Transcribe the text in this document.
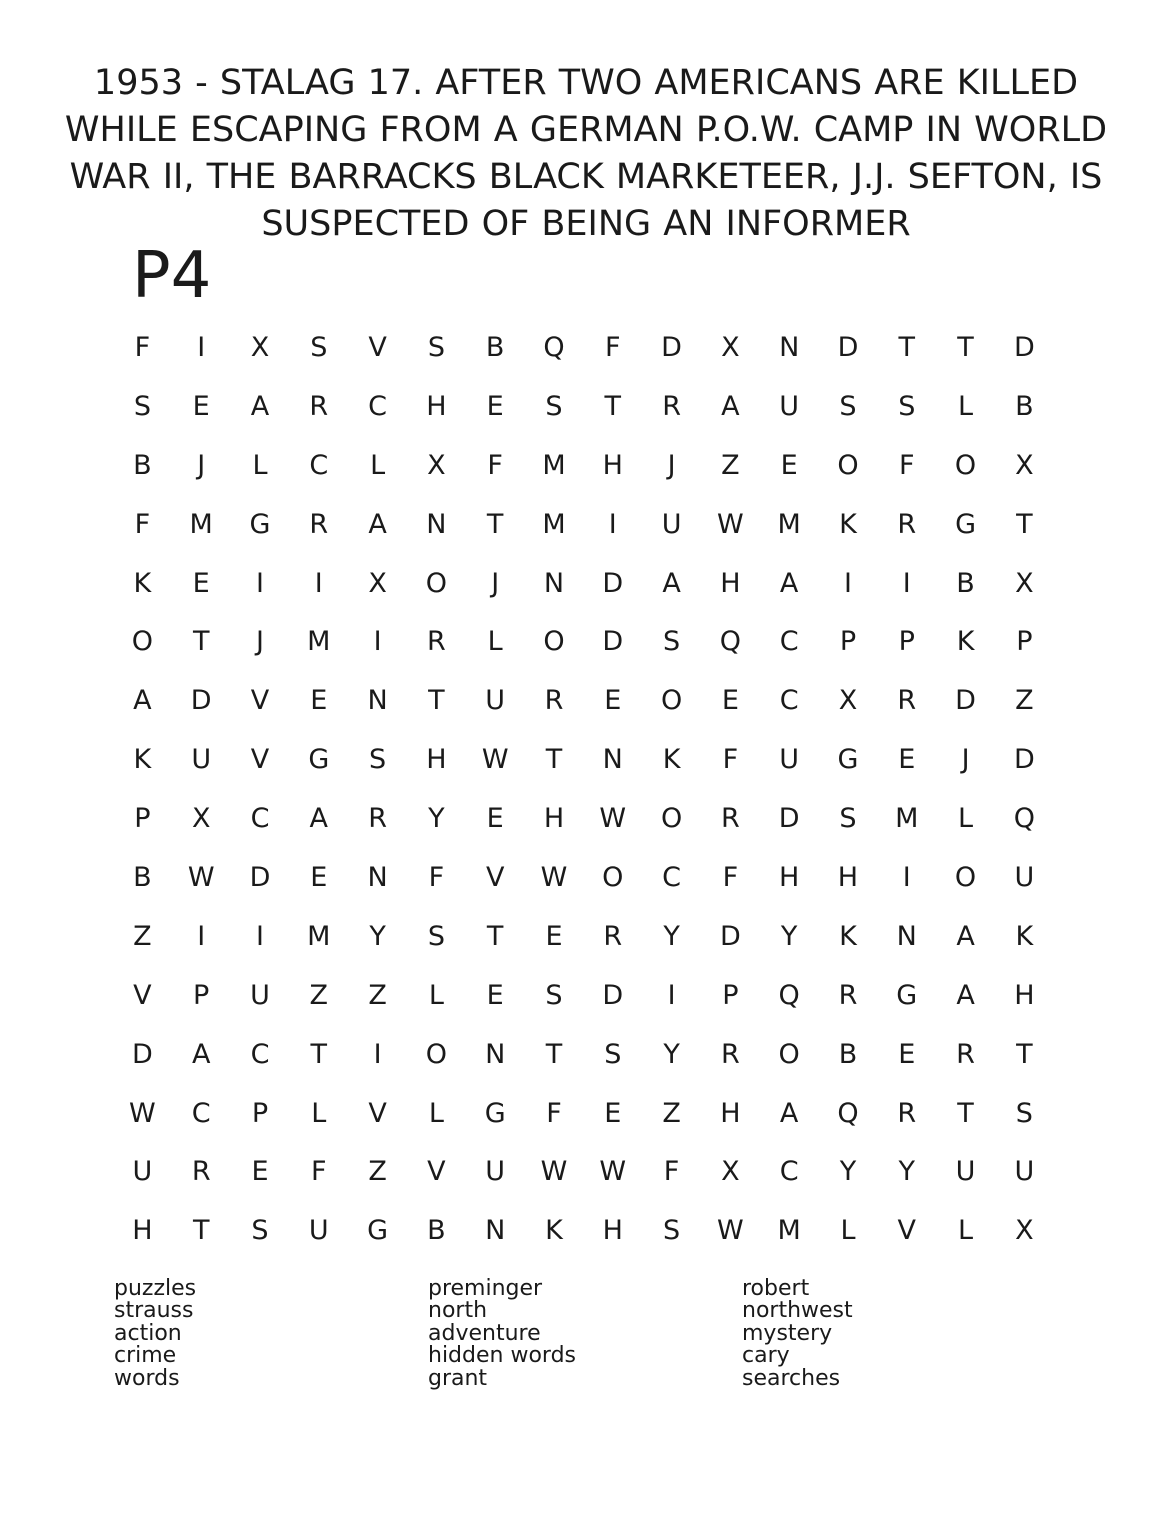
1953 - STALAG 17. AFTER TWO AMERICANS ARE KILLED WHILE ESCAPING FROM A GERMAN P.O.W. CAMP IN WORLD WAR II, THE BARRACKS BLACK MARKETEER, J.J. SEFTON, IS SUSPECTED OF BEING AN INFORMER
P4
F	I	X	S	V	S	B	Q	F	D	X	N	D	T	T	D
S	E	A	R	C	H	E	S	T	R	A	U	S	S	L	B
B	J	L	C	L	X	F	M	H	J	Z	E	O	F	O	X
F	M	G	R	A	N	T	M	I	U	W	M	K	R	G	T
K	E	I	I	X	O	J	N	D	A	H	A	I	I	B	X
O	T	J	M	I	R	L	O	D	S	Q	C	P	P	K	P
A	D	V	E	N	T	U	R	E	O	E	C	X	R	D	Z
K	U	V	G	S	H	W	T	N	K	F	U	G	E	J	D
P	X	C	A	R	Y	E	H	W	O	R	D	S	M	L	Q
B	W	D	E	N	F	V	W	O	C	F	H	H	I	O	U
Z	I	I	M	Y	S	T	E	R	Y	D	Y	K	N	A	K
V	P	U	Z	Z	L	E	S	D	I	P	Q	R	G	A	H
D	A	C	T	I	O	N	T	S	Y	R	O	B	E	R	T
W	C	P	L	V	L	G	F	E	Z	H	A	Q	R	T	S
U	R	E	F	Z	V	U	W	W	F	X	C	Y	Y	U	U
H	T	S	U	G	B	N	K	H	S	W	M	L	V	L	X
puzzles
strauss
action
crime
words
preminger
north
adventure
hidden words
grant
robert
northwest
mystery
cary
searches
